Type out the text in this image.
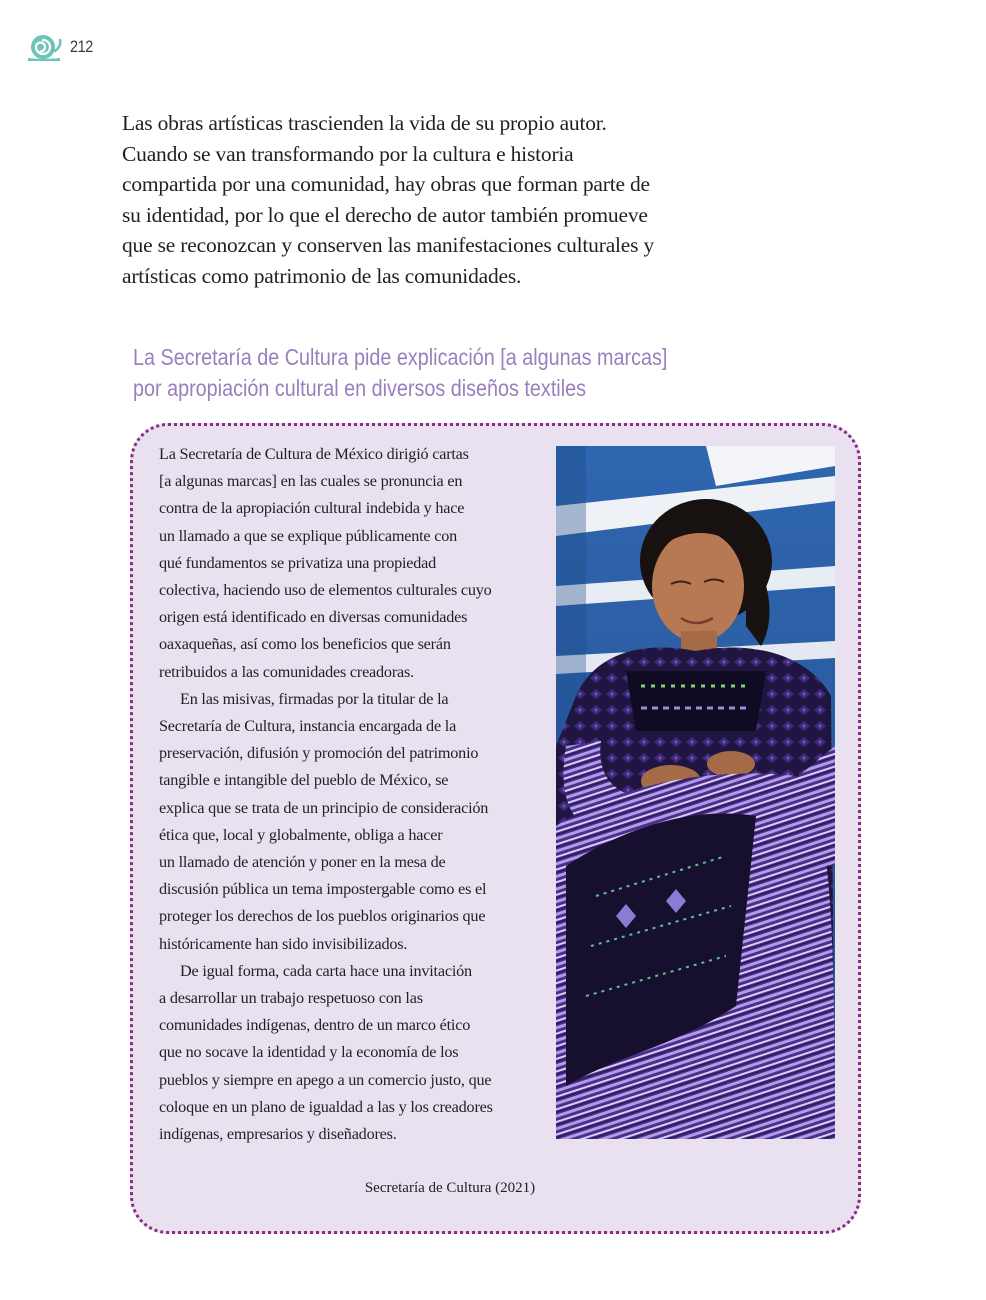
212

Las obras artísticas trascienden la vida de su propio autor.
Cuando se van transformando por la cultura e historia
compartida por una comunidad, hay obras que forman parte de
su identidad, por lo que el derecho de autor también promueve
que se reconozcan y conserven las manifestaciones culturales y
artísticas como patrimonio de las comunidades.

La Secretaría de Cultura pide explicación [a algunas marcas]
por apropiación cultural en diversos diseños textiles

La Secretaría de Cultura de México dirigió cartas
[a algunas marcas] en las cuales se pronuncia en
contra de la apropiación cultural indebida y hace
un llamado a que se explique públicamente con
qué fundamentos se privatiza una propiedad
colectiva, haciendo uso de elementos culturales cuyo
origen está identificado en diversas comunidades
oaxaqueñas, así como los beneficios que serán
retribuidos a las comunidades creadoras.

En las misivas, firmadas por la titular de la
Secretaría de Cultura, instancia encargada de la
preservación, difusión y promoción del patrimonio
tangible e intangible del pueblo de México, se
explica que se trata de un principio de consideración
ética que, local y globalmente, obliga a hacer
un llamado de atención y poner en la mesa de
discusión pública un tema impostergable como es el
proteger los derechos de los pueblos originarios que
históricamente han sido invisibilizados.

De igual forma, cada carta hace una invitación
a desarrollar un trabajo respetuoso con las
comunidades indígenas, dentro de un marco ético
que no socave la identidad y la economía de los
pueblos y siempre en apego a un comercio justo, que
coloque en un plano de igualdad a las y los creadores
indígenas, empresarios y diseñadores.

Secretaría de Cultura (2021)
